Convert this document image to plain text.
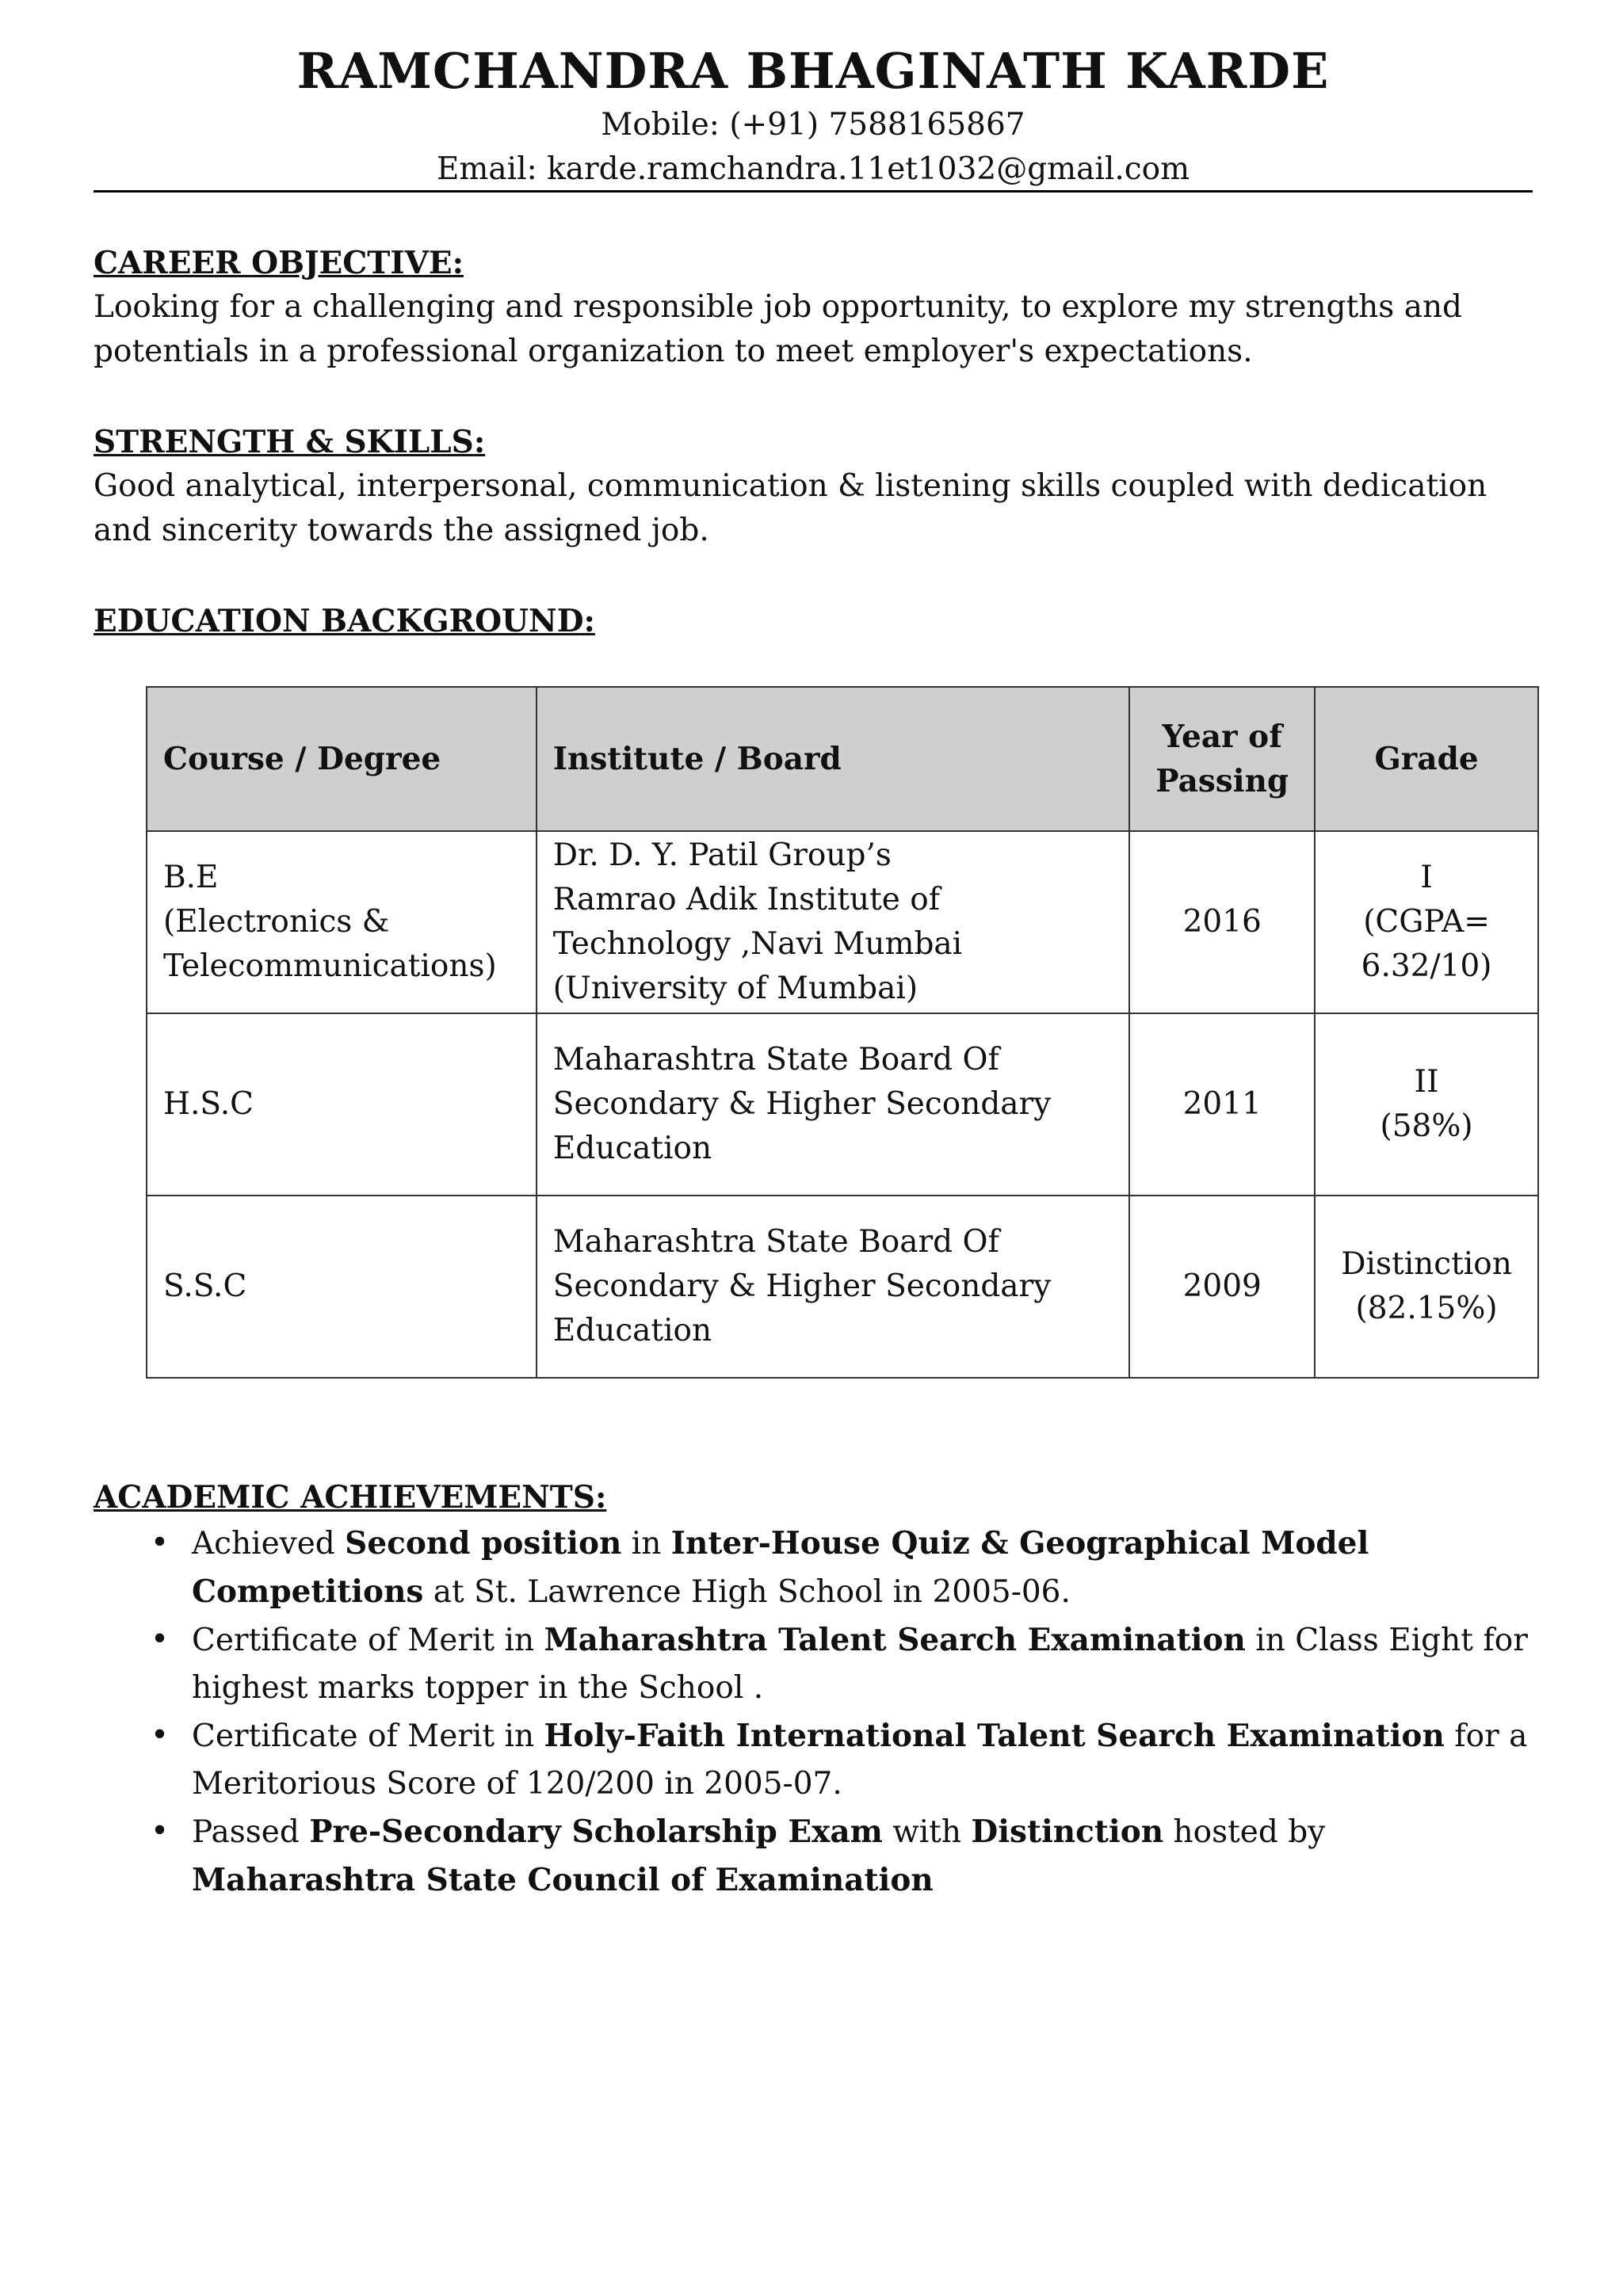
RAMCHANDRA BHAGINATH KARDE
Mobile: (+91) 7588165867
Email: karde.ramchandra.11et1032@gmail.com
CAREER OBJECTIVE:
Looking for a challenging and responsible job opportunity, to explore my strengths and
potentials in a professional organization to meet employer's expectations.
STRENGTH & SKILLS:
Good analytical, interpersonal, communication & listening skills coupled with dedication
and sincerity towards the assigned job.
EDUCATION BACKGROUND:
Course / Degree	Institute / Board	Year of Passing	Grade
B.E
(Electronics &
Telecommunications)	Dr. D. Y. Patil Group’s
Ramrao Adik Institute of
Technology ,Navi Mumbai
(University of Mumbai)	2016	I
(CGPA=
6.32/10)
H.S.C	Maharashtra State Board Of
Secondary & Higher Secondary
Education	2011	II
(58%)
S.S.C	Maharashtra State Board Of
Secondary & Higher Secondary
Education	2009	Distinction
(82.15%)
ACADEMIC ACHIEVEMENTS:
• Achieved Second position in Inter-House Quiz & Geographical Model Competitions at St. Lawrence High School in 2005-06.
• Certificate of Merit in Maharashtra Talent Search Examination in Class Eight for highest marks topper in the School .
• Certificate of Merit in Holy-Faith International Talent Search Examination for a Meritorious Score of 120/200 in 2005-07.
• Passed Pre-Secondary Scholarship Exam with Distinction hosted by Maharashtra State Council of Examination
